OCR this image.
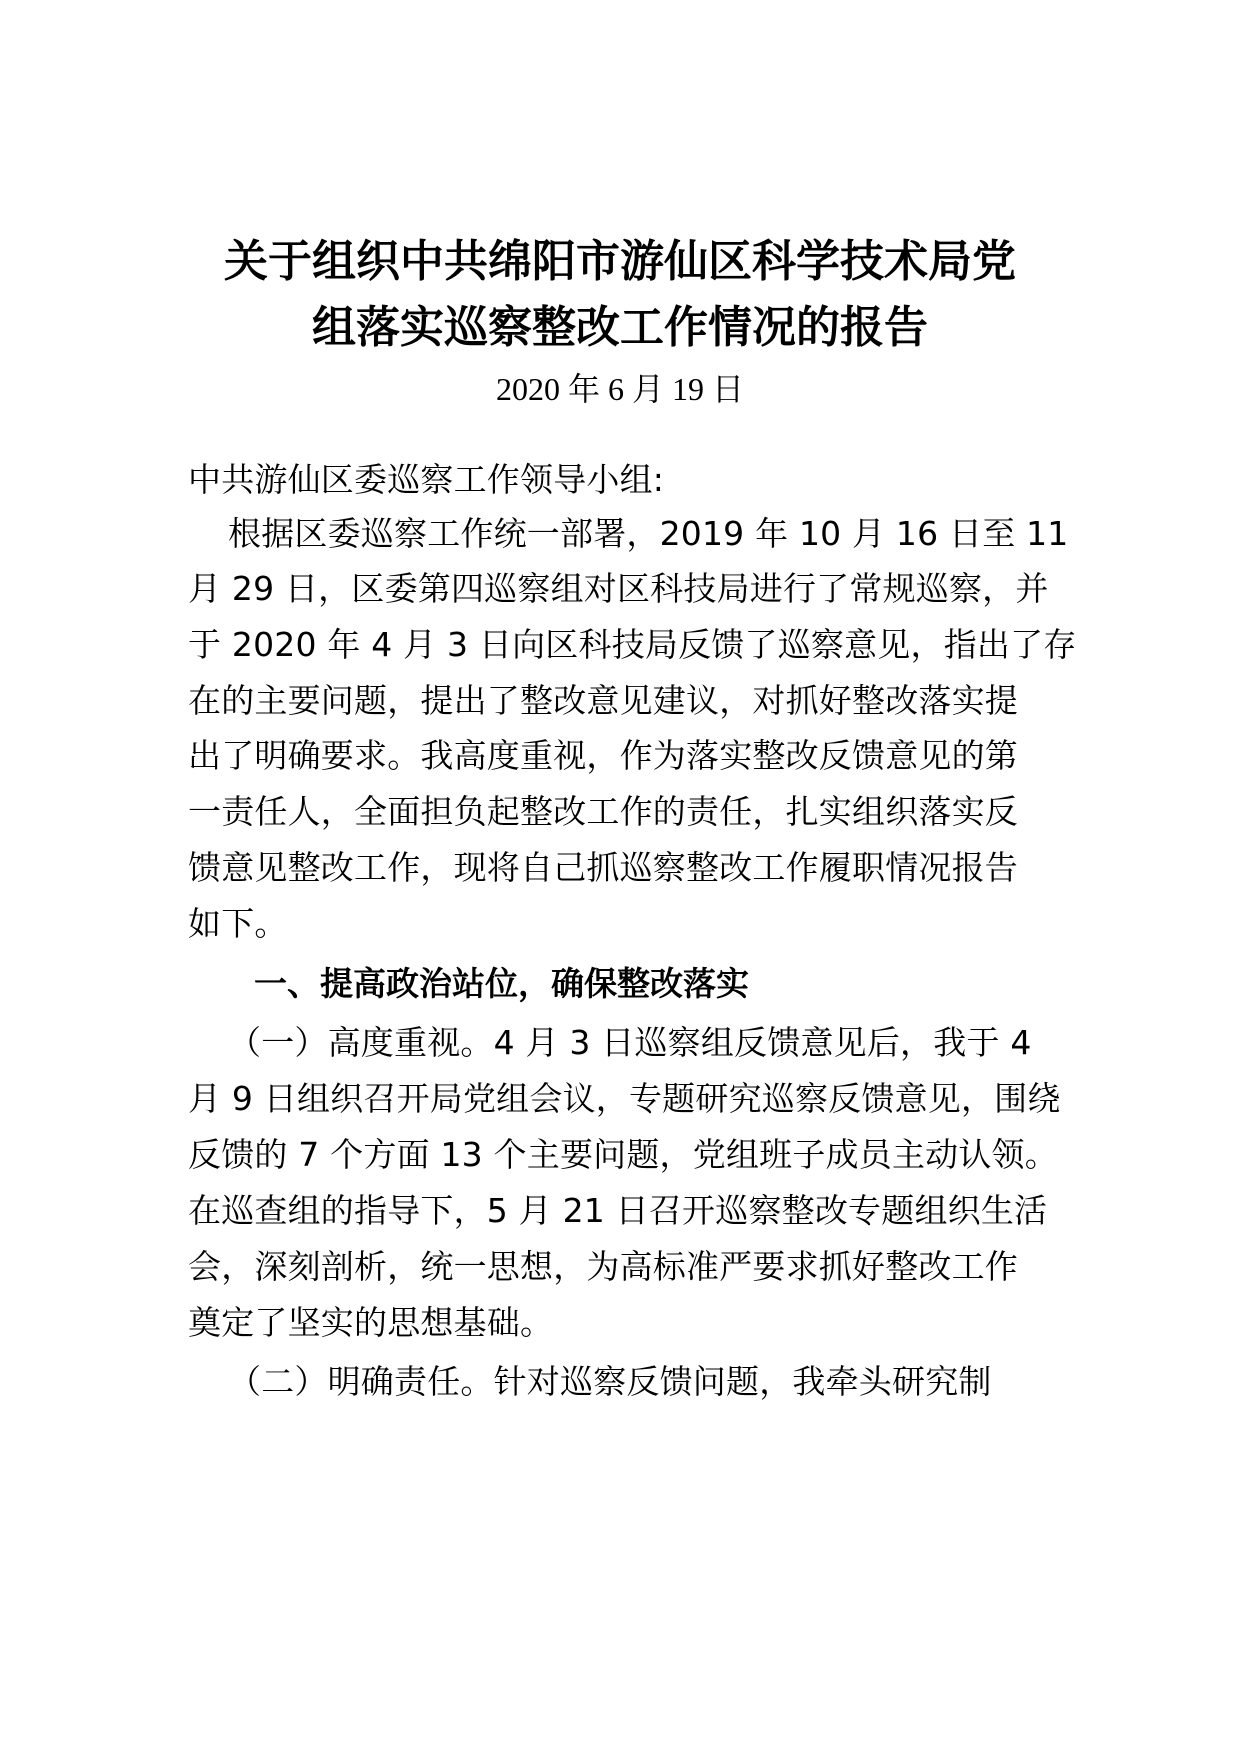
关于组织中共绵阳市游仙区科学技术局党
组落实巡察整改工作情况的报告
2020 年 6 月 19 日
中共游仙区委巡察工作领导小组:
根据区委巡察工作统一部署，2019 年 10 月 16 日至 11
月 29 日，区委第四巡察组对区科技局进行了常规巡察，并
于 2020 年 4 月 3 日向区科技局反馈了巡察意见，指出了存
在的主要问题，提出了整改意见建议，对抓好整改落实提
出了明确要求。我高度重视，作为落实整改反馈意见的第
一责任人，全面担负起整改工作的责任，扎实组织落实反
馈意见整改工作，现将自己抓巡察整改工作履职情况报告
如下。
一、提高政治站位，确保整改落实
（一）高度重视。4 月 3 日巡察组反馈意见后，我于 4
月 9 日组织召开局党组会议，专题研究巡察反馈意见，围绕
反馈的 7 个方面 13 个主要问题，党组班子成员主动认领。
在巡查组的指导下，5 月 21 日召开巡察整改专题组织生活
会，深刻剖析，统一思想，为高标准严要求抓好整改工作
奠定了坚实的思想基础。
（二）明确责任。针对巡察反馈问题，我牵头研究制
